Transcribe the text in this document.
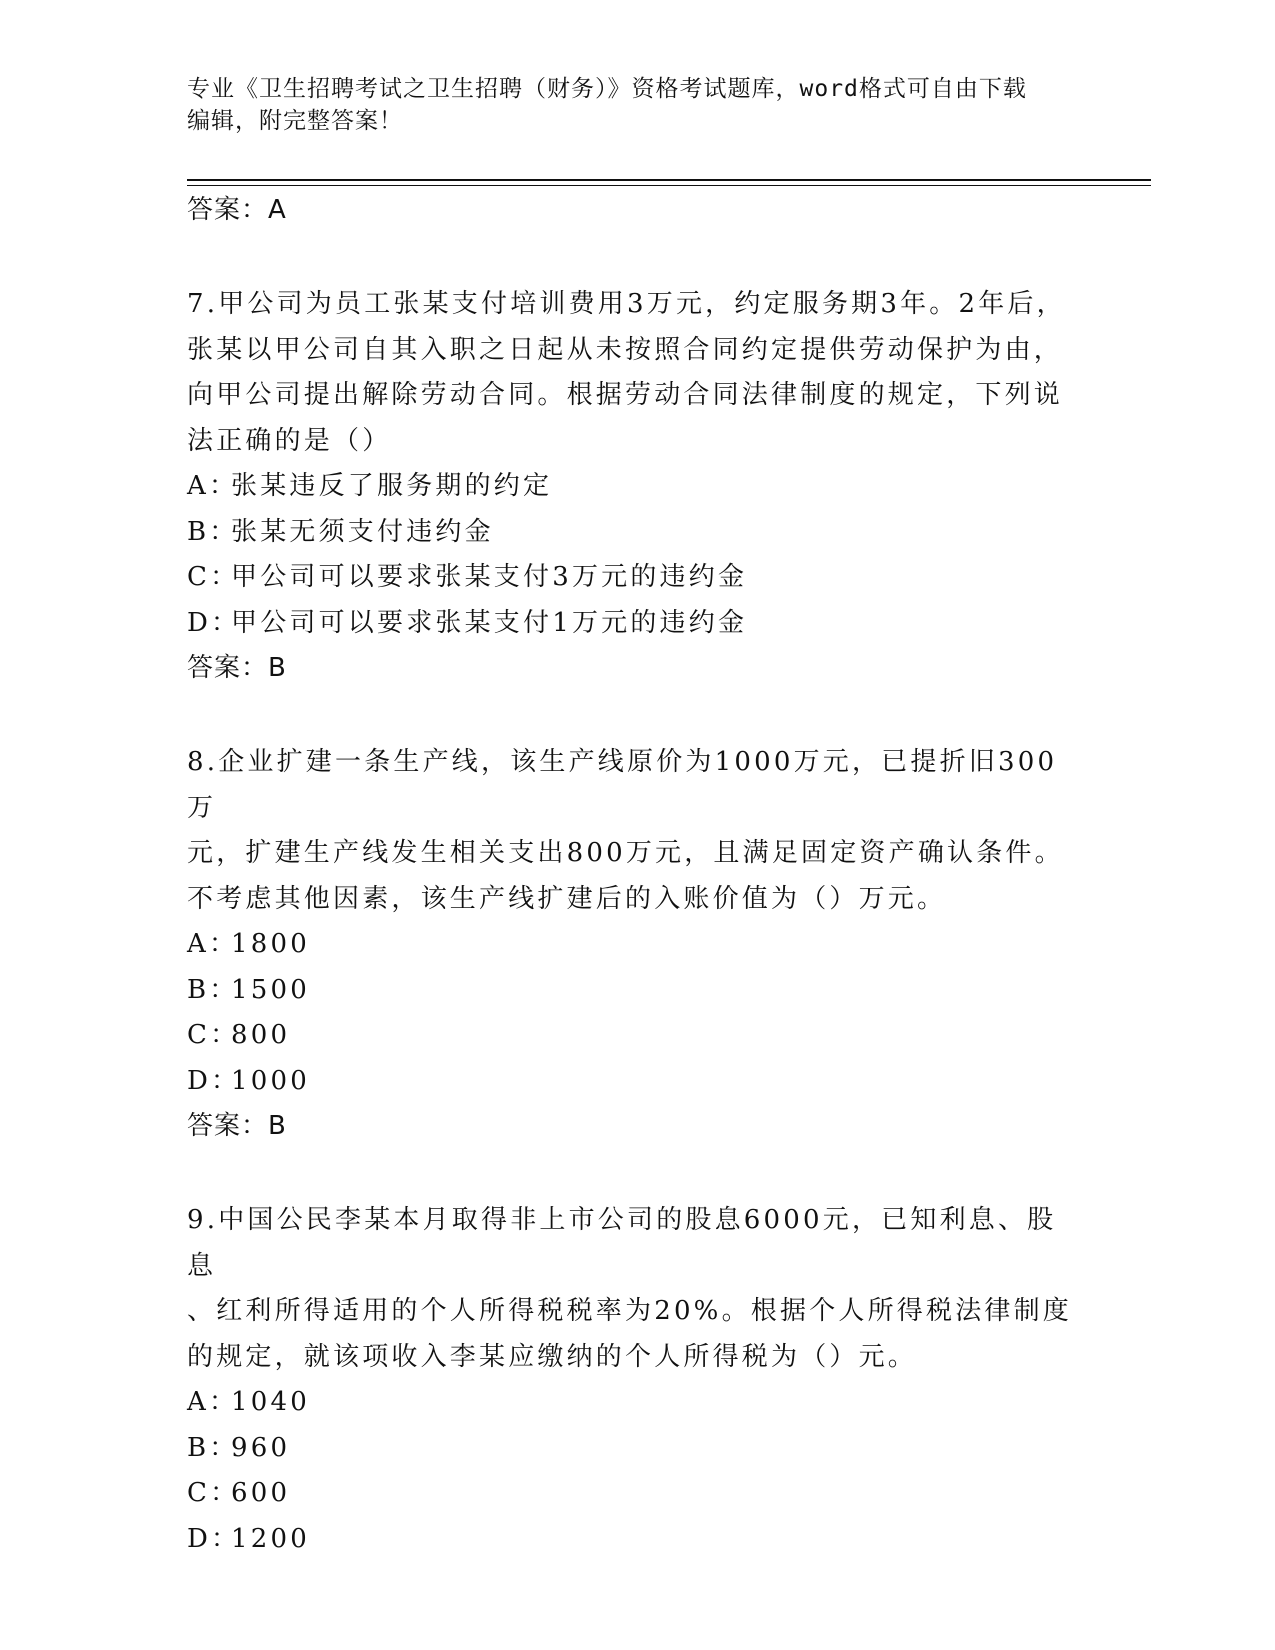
专业《卫生招聘考试之卫生招聘（财务）》资格考试题库，word格式可自由下载
编辑，附完整答案！
答案：A

7.甲公司为员工张某支付培训费用3万元，约定服务期3年。2年后，

张某以甲公司自其入职之日起从未按照合同约定提供劳动保护为由，

向甲公司提出解除劳动合同。根据劳动合同法律制度的规定，下列说

法正确的是（）

A：张某违反了服务期的约定

B：张某无须支付违约金

C：甲公司可以要求张某支付3万元的违约金

D：甲公司可以要求张某支付1万元的违约金

答案：B

8.企业扩建一条生产线，该生产线原价为1000万元，已提折旧300万

元，扩建生产线发生相关支出800万元，且满足固定资产确认条件。

不考虑其他因素，该生产线扩建后的入账价值为（）万元。

A：1800

B：1500

C：800

D：1000

答案：B

9.中国公民李某本月取得非上市公司的股息6000元，已知利息、股息

、红利所得适用的个人所得税税率为20%。根据个人所得税法律制度

的规定，就该项收入李某应缴纳的个人所得税为（）元。

A：1040

B：960

C：600

D：1200
